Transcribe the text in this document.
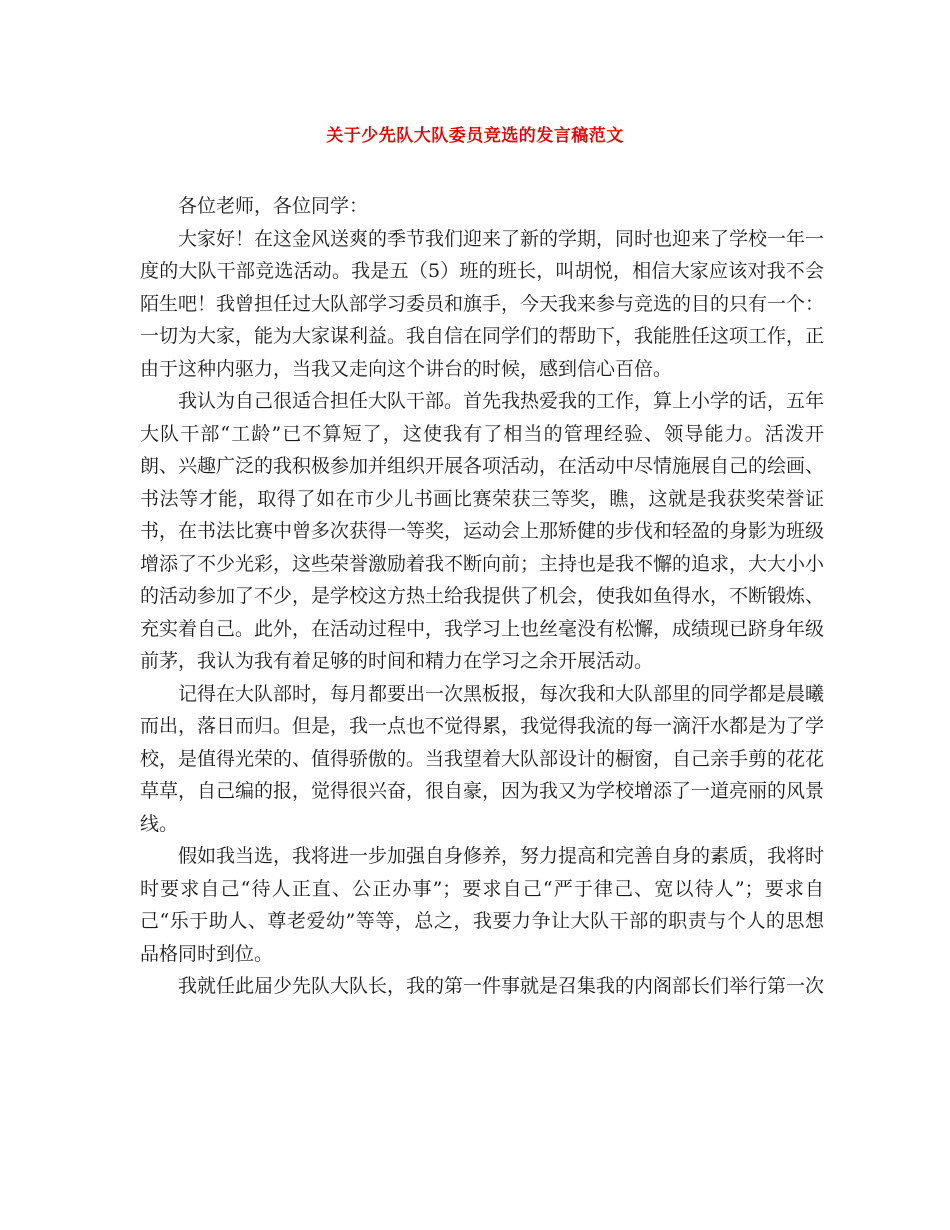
关于少先队大队委员竞选的发言稿范文

各位老师，各位同学：

大家好！在这金风送爽的季节我们迎来了新的学期，同时也迎来了学校一年一度的大队干部竞选活动。我是五（5）班的班长，叫胡悦，相信大家应该对我不会陌生吧！我曾担任过大队部学习委员和旗手，今天我来参与竞选的目的只有一个：一切为大家，能为大家谋利益。我自信在同学们的帮助下，我能胜任这项工作，正由于这种内驱力，当我又走向这个讲台的时候，感到信心百倍。

我认为自己很适合担任大队干部。首先我热爱我的工作，算上小学的话，五年大队干部“工龄”已不算短了，这使我有了相当的管理经验、领导能力。活泼开朗、兴趣广泛的我积极参加并组织开展各项活动，在活动中尽情施展自己的绘画、书法等才能，取得了如在市少儿书画比赛荣获三等奖，瞧，这就是我获奖荣誉证书，在书法比赛中曾多次获得一等奖，运动会上那矫健的步伐和轻盈的身影为班级增添了不少光彩，这些荣誉激励着我不断向前；主持也是我不懈的追求，大大小小的活动参加了不少，是学校这方热土给我提供了机会，使我如鱼得水，不断锻炼、充实着自己。此外，在活动过程中，我学习上也丝毫没有松懈，成绩现已跻身年级前茅，我认为我有着足够的时间和精力在学习之余开展活动。

记得在大队部时，每月都要出一次黑板报，每次我和大队部里的同学都是晨曦而出，落日而归。但是，我一点也不觉得累，我觉得我流的每一滴汗水都是为了学校，是值得光荣的、值得骄傲的。当我望着大队部设计的橱窗，自己亲手剪的花花草草，自己编的报，觉得很兴奋，很自豪，因为我又为学校增添了一道亮丽的风景线。

假如我当选，我将进一步加强自身修养，努力提高和完善自身的素质，我将时时要求自己“待人正直、公正办事”；要求自己“严于律己、宽以待人”；要求自己“乐于助人、尊老爱幼”等等，总之，我要力争让大队干部的职责与个人的思想品格同时到位。

我就任此届少先队大队长，我的第一件事就是召集我的内阁部长们举行第一次
